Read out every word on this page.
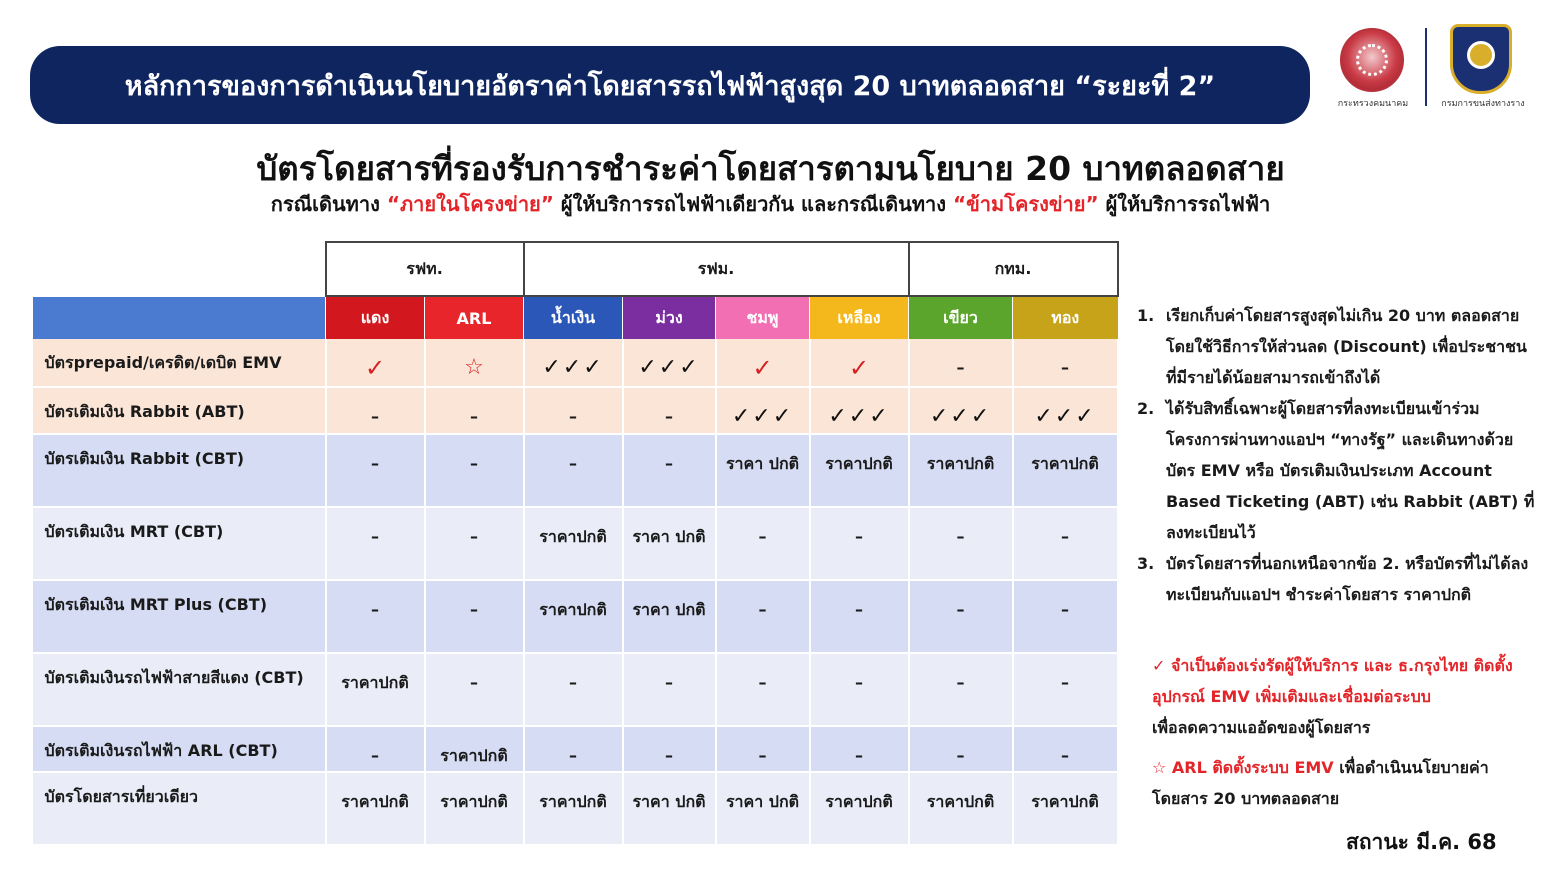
หลักการของการดำเนินนโยบายอัตราค่าโดยสารรถไฟฟ้าสูงสุด 20 บาทตลอดสาย “ระยะที่ 2”
กระทรวงคมนาคม	กรมการขนส่งทางราง
บัตรโดยสารที่รองรับการชำระค่าโดยสารตามนโยบาย 20 บาทตลอดสาย
กรณีเดินทาง “ภายในโครงข่าย” ผู้ให้บริการรถไฟฟ้าเดียวกัน และกรณีเดินทาง “ข้ามโครงข่าย” ผู้ให้บริการรถไฟฟ้า
	รฟท.		รฟม.				กทม.	

	แดง	ARL	น้ำเงิน	ม่วง	ชมพู	เหลือง	เขียว	ทอง
บัตรprepaid/เครดิต/เดบิต EMV	✓	☆	✓✓✓	✓✓✓	✓	✓	–	–
บัตรเติมเงิน Rabbit (ABT)	–	–	–	–	✓✓✓	✓✓✓	✓✓✓	✓✓✓
บัตรเติมเงิน Rabbit (CBT)	–	–	–	–	ราคา ปกติ	ราคาปกติ	ราคาปกติ	ราคาปกติ
บัตรเติมเงิน MRT (CBT)	–	–	ราคาปกติ	ราคา ปกติ	–	–	–	–
บัตรเติมเงิน MRT Plus (CBT)	–	–	ราคาปกติ	ราคา ปกติ	–	–	–	–
บัตรเติมเงินรถไฟฟ้าสายสีแดง (CBT)	ราคาปกติ	–	–	–	–	–	–	–
บัตรเติมเงินรถไฟฟ้า ARL (CBT)	–	ราคาปกติ	–	–	–	–	–	–
บัตรโดยสารเที่ยวเดียว	ราคาปกติ	ราคาปกติ	ราคาปกติ	ราคา ปกติ	ราคา ปกติ	ราคาปกติ	ราคาปกติ	ราคาปกติ
1. เรียกเก็บค่าโดยสารสูงสุดไม่เกิน 20 บาท ตลอดสาย โดยใช้วิธีการให้ส่วนลด (Discount) เพื่อประชาชนที่มีรายได้น้อยสามารถเข้าถึงได้
2. ได้รับสิทธิ์เฉพาะผู้โดยสารที่ลงทะเบียนเข้าร่วมโครงการผ่านทางแอปฯ “ทางรัฐ” และเดินทางด้วยบัตร EMV หรือ บัตรเติมเงินประเภท Account Based Ticketing (ABT) เช่น Rabbit (ABT) ที่ลงทะเบียนไว้
3. บัตรโดยสารที่นอกเหนือจากข้อ 2. หรือบัตรที่ไม่ได้ลงทะเบียนกับแอปฯ ชำระค่าโดยสาร ราคาปกติ
✓ จำเป็นต้องเร่งรัดผู้ให้บริการ และ ธ.กรุงไทย ติดตั้งอุปกรณ์ EMV เพิ่มเติมและเชื่อมต่อระบบ
เพื่อลดความแออัดของผู้โดยสาร
☆ ARL ติดตั้งระบบ EMV เพื่อดำเนินนโยบายค่าโดยสาร 20 บาทตลอดสาย
สถานะ มี.ค. 68
